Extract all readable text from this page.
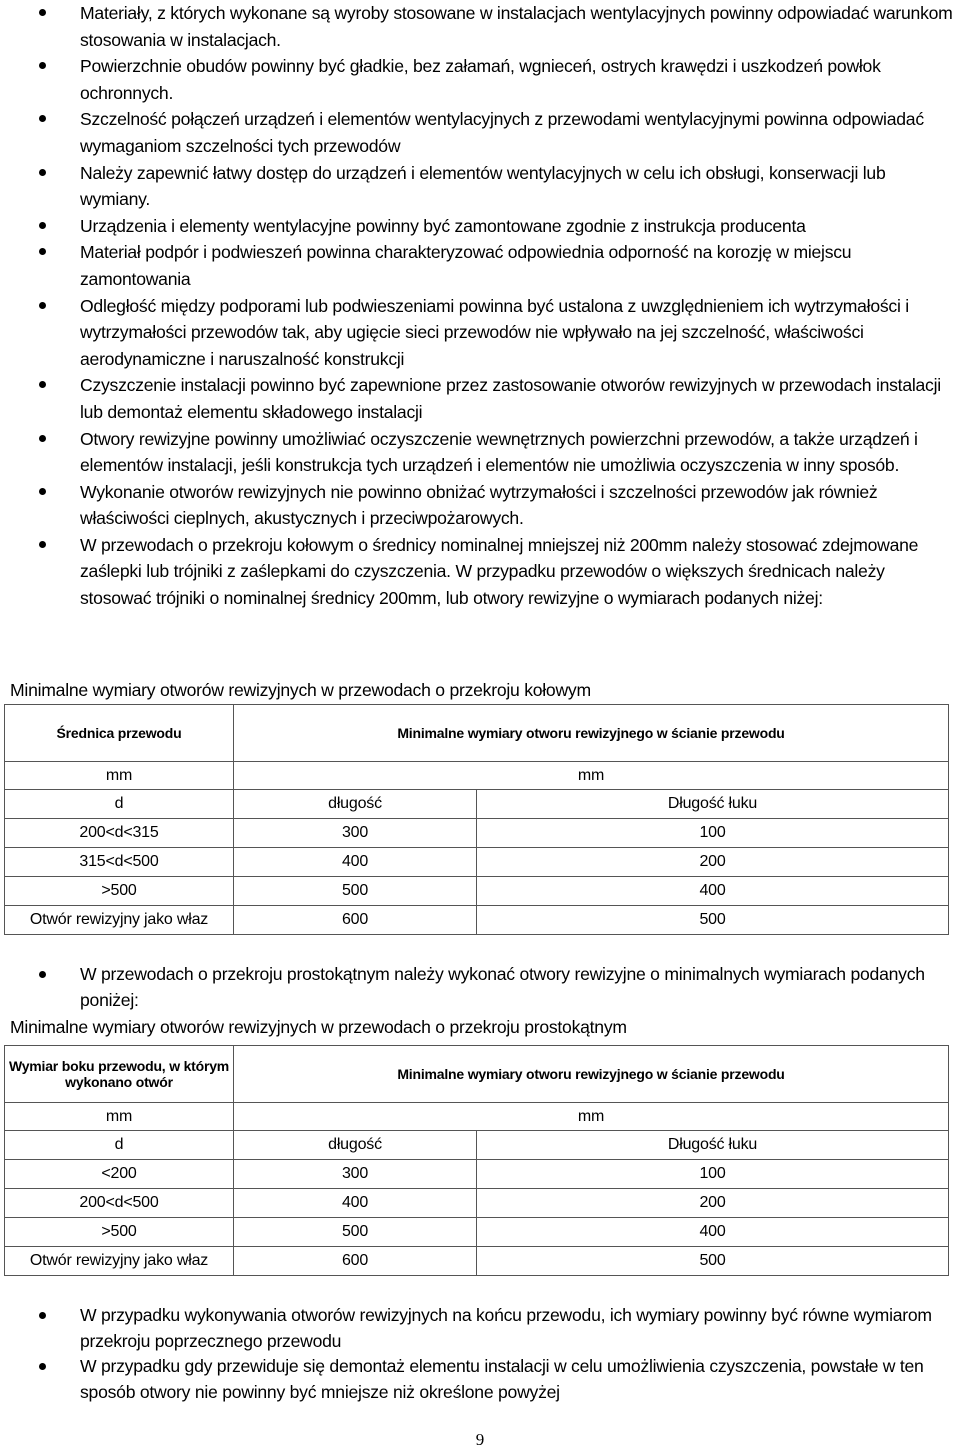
Materiały, z których wykonane są wyroby stosowane w instalacjach wentylacyjnych powinny odpowiadać warunkom stosowania w instalacjach.
Powierzchnie obudów powinny być gładkie, bez załamań, wgnieceń, ostrych krawędzi i uszkodzeń powłok ochronnych.
Szczelność połączeń urządzeń i elementów wentylacyjnych z przewodami wentylacyjnymi powinna odpowiadać wymaganiom szczelności tych przewodów
Należy zapewnić łatwy dostęp do urządzeń i elementów wentylacyjnych w celu ich obsługi, konserwacji lub wymiany.
Urządzenia i elementy wentylacyjne powinny być zamontowane zgodnie z instrukcja producenta
Materiał podpór i podwieszeń powinna charakteryzować odpowiednia odporność na korozję w miejscu zamontowania
Odległość między podporami lub podwieszeniami powinna być ustalona z uwzględnieniem ich wytrzymałości i wytrzymałości przewodów tak, aby ugięcie sieci przewodów nie wpływało na jej szczelność, właściwości aerodynamiczne i naruszalność konstrukcji
Czyszczenie instalacji powinno być zapewnione przez zastosowanie otworów rewizyjnych w przewodach instalacji lub demontaż elementu składowego instalacji
Otwory rewizyjne powinny umożliwiać oczyszczenie wewnętrznych powierzchni przewodów, a także urządzeń i elementów instalacji, jeśli konstrukcja tych urządzeń i elementów nie umożliwia oczyszczenia w inny sposób.
Wykonanie otworów rewizyjnych nie powinno obniżać wytrzymałości i szczelności przewodów jak również właściwości cieplnych, akustycznych i przeciwpożarowych.
W przewodach o przekroju kołowym o średnicy nominalnej mniejszej niż 200mm należy stosować zdejmowane zaślepki lub trójniki z zaślepkami do czyszczenia. W przypadku przewodów o większych średnicach należy stosować trójniki o nominalnej średnicy 200mm, lub otwory rewizyjne o wymiarach podanych niżej:
Minimalne wymiary otworów rewizyjnych w przewodach o przekroju kołowym
Średnica przewodu	Minimalne wymiary otworu rewizyjnego w ścianie przewodu	
mm	mm	
d	długość	Długość łuku
200<d<315	300	100
315<d<500	400	200
>500	500	400
Otwór rewizyjny jako właz	600	500
W przewodach o przekroju prostokątnym należy wykonać otwory rewizyjne o minimalnych wymiarach podanych poniżej:
Minimalne wymiary otworów rewizyjnych w przewodach o przekroju prostokątnym
Wymiar boku przewodu, w którym wykonano otwór	Minimalne wymiary otworu rewizyjnego w ścianie przewodu	
mm	mm	
d	długość	Długość łuku
<200	300	100
200<d<500	400	200
>500	500	400
Otwór rewizyjny jako właz	600	500
W przypadku wykonywania otworów rewizyjnych na końcu przewodu, ich wymiary powinny być równe wymiarom przekroju poprzecznego przewodu
W przypadku gdy przewiduje się demontaż elementu instalacji w celu umożliwienia czyszczenia, powstałe w ten sposób otwory nie powinny być mniejsze niż określone powyżej
9
